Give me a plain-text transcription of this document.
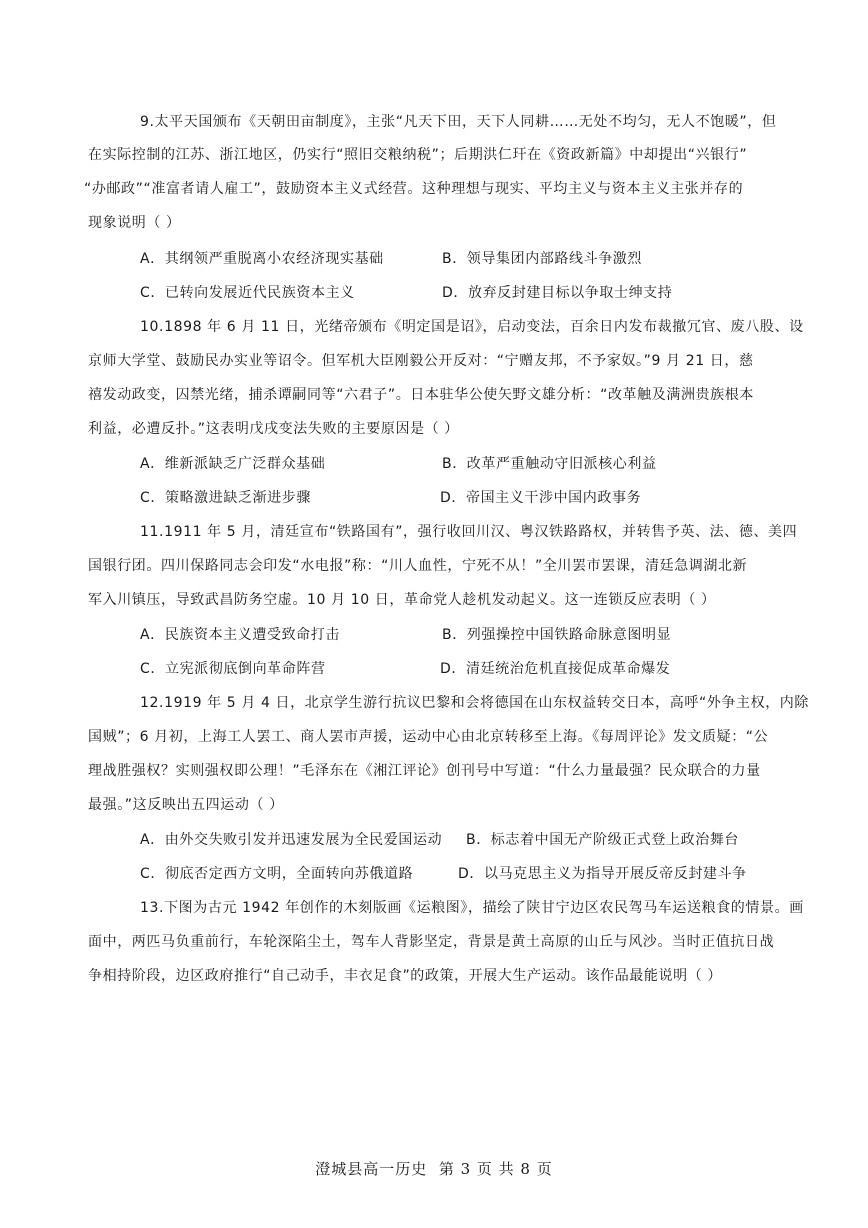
9.太平天国颁布《天朝田亩制度》，主张“凡天下田，天下人同耕……无处不均匀，无人不饱暖”，但
在实际控制的江苏、浙江地区，仍实行“照旧交粮纳税”；后期洪仁玕在《资政新篇》中却提出“兴银行”
“办邮政”“准富者请人雇工”，鼓励资本主义式经营。这种理想与现实、平均主义与资本主义主张并存的
现象说明（ ）
A．其纲领严重脱离小农经济现实基础	B．领导集团内部路线斗争激烈
C．已转向发展近代民族资本主义	D．放弃反封建目标以争取士绅支持
10.1898 年 6 月 11 日，光绪帝颁布《明定国是诏》，启动变法，百余日内发布裁撤冗官、废八股、设
京师大学堂、鼓励民办实业等诏令。但军机大臣刚毅公开反对：“宁赠友邦，不予家奴。”9 月 21 日，慈
禧发动政变，囚禁光绪，捕杀谭嗣同等“六君子”。日本驻华公使矢野文雄分析：“改革触及满洲贵族根本
利益，必遭反扑。”这表明戊戌变法失败的主要原因是（ ）
A．维新派缺乏广泛群众基础	B．改革严重触动守旧派核心利益
C．策略激进缺乏渐进步骤	D．帝国主义干涉中国内政事务
11.1911 年 5 月，清廷宣布“铁路国有”，强行收回川汉、粤汉铁路路权，并转售予英、法、德、美四
国银行团。四川保路同志会印发“水电报”称：“川人血性，宁死不从！”全川罢市罢课，清廷急调湖北新
军入川镇压，导致武昌防务空虚。10 月 10 日，革命党人趁机发动起义。这一连锁反应表明（ ）
A．民族资本主义遭受致命打击	B．列强操控中国铁路命脉意图明显
C．立宪派彻底倒向革命阵营	D．清廷统治危机直接促成革命爆发
12.1919 年 5 月 4 日，北京学生游行抗议巴黎和会将德国在山东权益转交日本，高呼“外争主权，内除
国贼”；6 月初，上海工人罢工、商人罢市声援，运动中心由北京转移至上海。《每周评论》发文质疑：“公
理战胜强权？实则强权即公理！”毛泽东在《湘江评论》创刊号中写道：“什么力量最强？民众联合的力量
最强。”这反映出五四运动（ ）
A．由外交失败引发并迅速发展为全民爱国运动 B．标志着中国无产阶级正式登上政治舞台
C．彻底否定西方文明，全面转向苏俄道路	D．以马克思主义为指导开展反帝反封建斗争
13.下图为古元 1942 年创作的木刻版画《运粮图》，描绘了陕甘宁边区农民驾马车运送粮食的情景。画
面中，两匹马负重前行，车轮深陷尘土，驾车人背影坚定，背景是黄土高原的山丘与风沙。当时正值抗日战
争相持阶段，边区政府推行“自己动手，丰衣足食”的政策，开展大生产运动。该作品最能说明（ ）
澄城县高一历史 第 3 页 共 8 页
